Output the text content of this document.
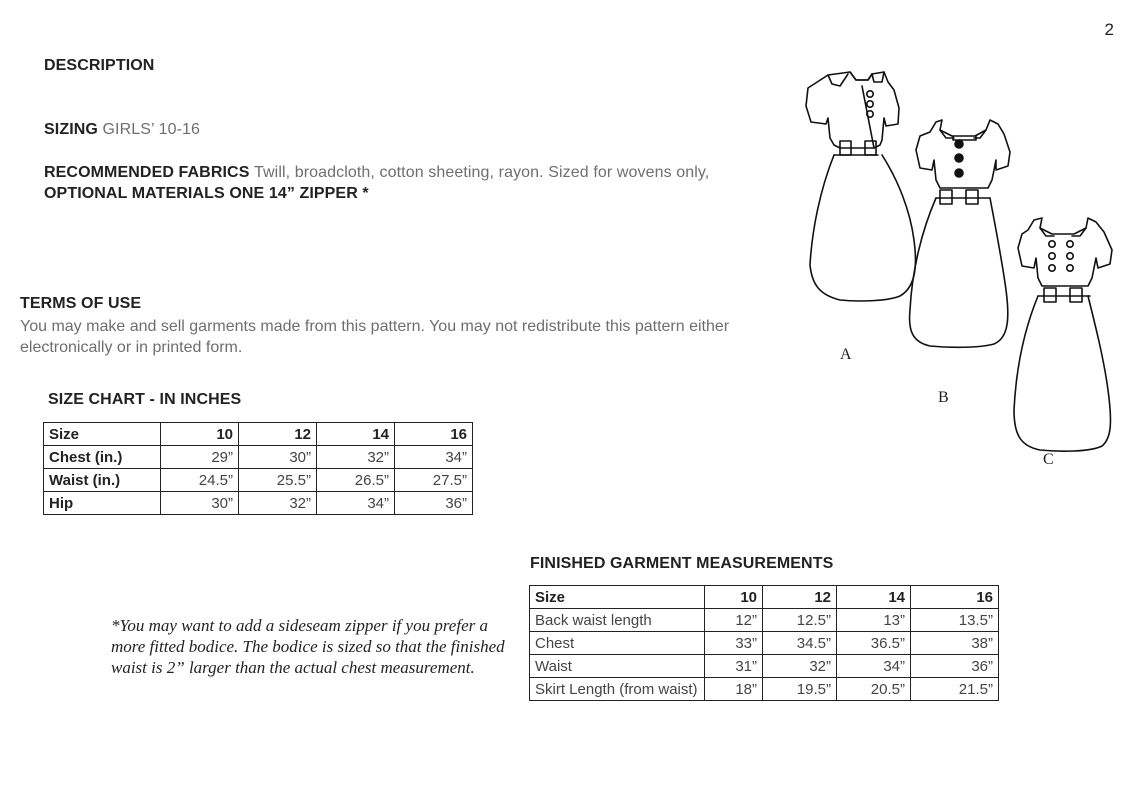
2
DESCRIPTION
SIZING GIRLS’ 10-16
RECOMMENDED FABRICS Twill, broadcloth, cotton sheeting, rayon. Sized for wovens only,
OPTIONAL MATERIALS ONE 14” ZIPPER *
TERMS OF USE
You may make and sell garments made from this pattern. You may not redistribute this pattern either
electronically or in printed form.
SIZE CHART - IN INCHES
Size	10	12	14	16
Chest (in.)	29”	30”	32”	34”
Waist (in.)	24.5”	25.5”	26.5”	27.5”
Hip	30”	32”	34”	36”
*You may want to add a sideseam zipper if you prefer a
more fitted bodice. The bodice is sized so that the finished
waist is 2” larger than the actual chest measurement.
FINISHED GARMENT MEASUREMENTS
Size	10	12	14	16
Back waist length	12”	12.5”	13”	13.5”
Chest	33”	34.5”	36.5”	38”
Waist	31”	32”	34”	36”
Skirt Length (from waist)	18”	19.5”	20.5”	21.5”
A
B
C
